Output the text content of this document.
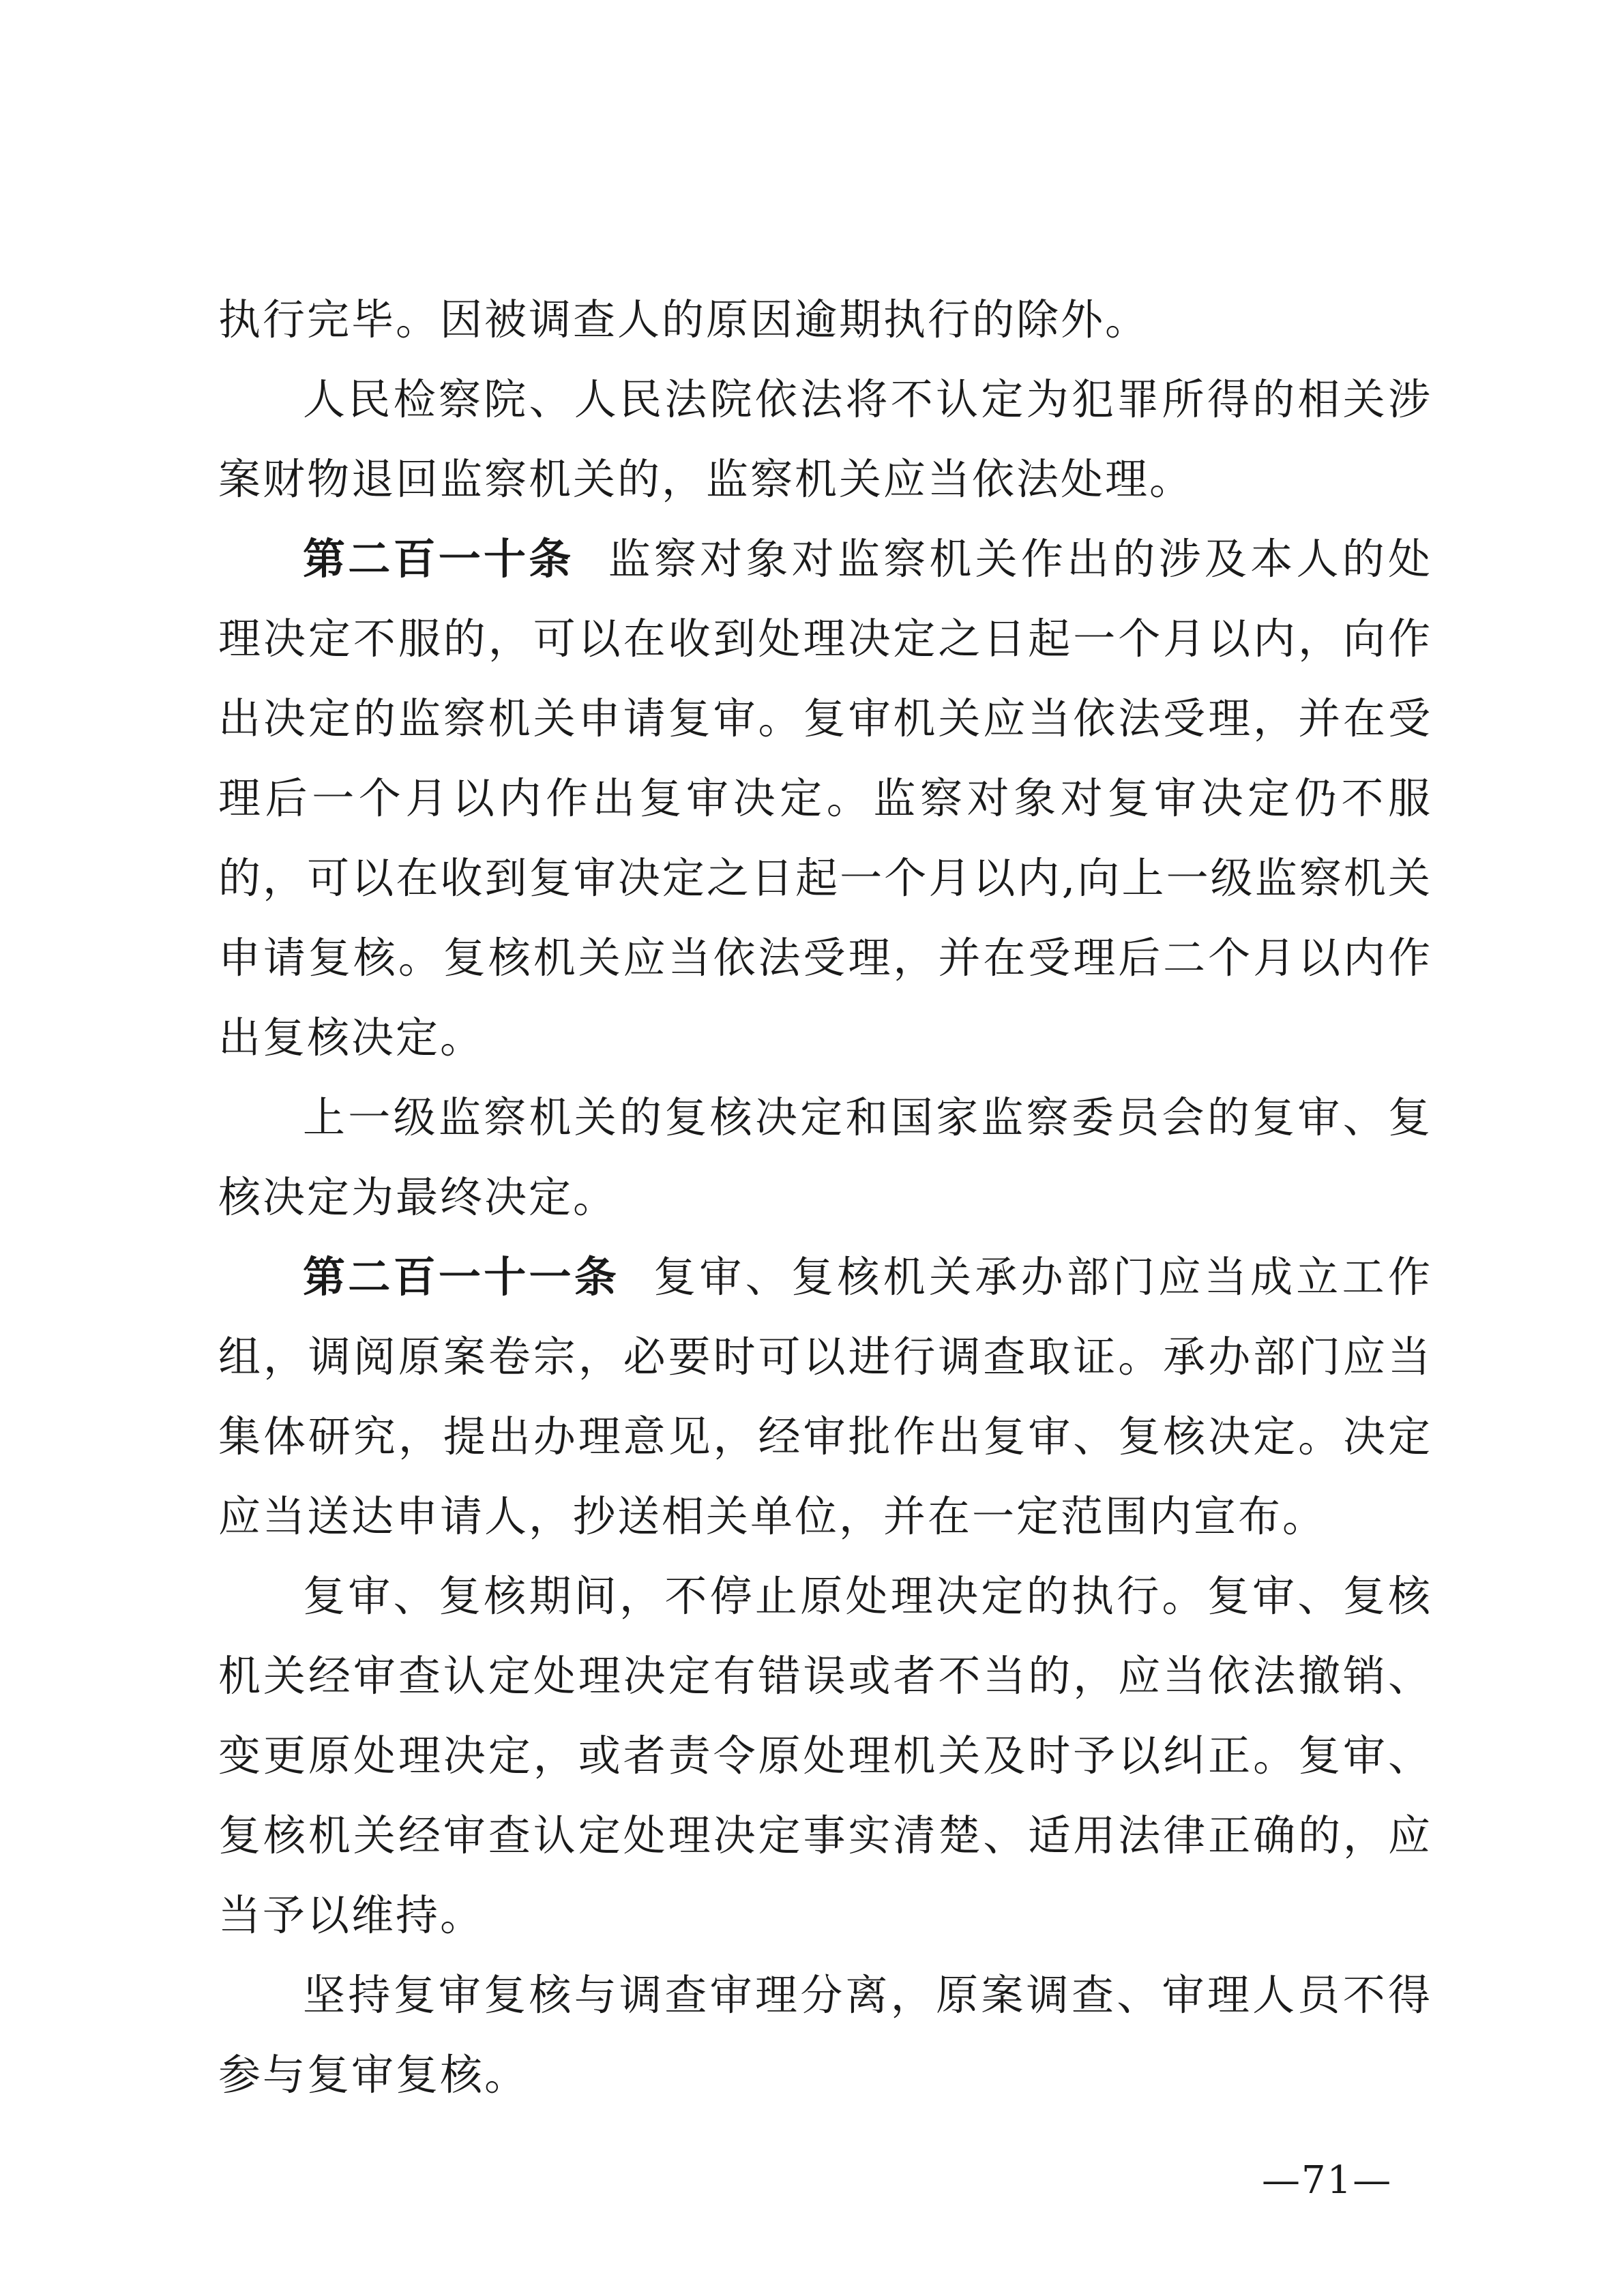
执行完毕。因被调查人的原因逾期执行的除外。

人民检察院、人民法院依法将不认定为犯罪所得的相关涉案财物退回监察机关的，监察机关应当依法处理。

第二百一十条 监察对象对监察机关作出的涉及本人的处理决定不服的，可以在收到处理决定之日起一个月以内，向作出决定的监察机关申请复审。复审机关应当依法受理，并在受理后一个月以内作出复审决定。监察对象对复审决定仍不服的，可以在收到复审决定之日起一个月以内,向上一级监察机关申请复核。复核机关应当依法受理，并在受理后二个月以内作出复核决定。

上一级监察机关的复核决定和国家监察委员会的复审、复核决定为最终决定。

第二百一十一条 复审、复核机关承办部门应当成立工作组，调阅原案卷宗，必要时可以进行调查取证。承办部门应当集体研究，提出办理意见，经审批作出复审、复核决定。决定应当送达申请人，抄送相关单位，并在一定范围内宣布。

复审、复核期间，不停止原处理决定的执行。复审、复核机关经审查认定处理决定有错误或者不当的，应当依法撤销、变更原处理决定，或者责令原处理机关及时予以纠正。复审、复核机关经审查认定处理决定事实清楚、适用法律正确的，应当予以维持。

坚持复审复核与调查审理分离，原案调查、审理人员不得参与复审复核。

—71—
